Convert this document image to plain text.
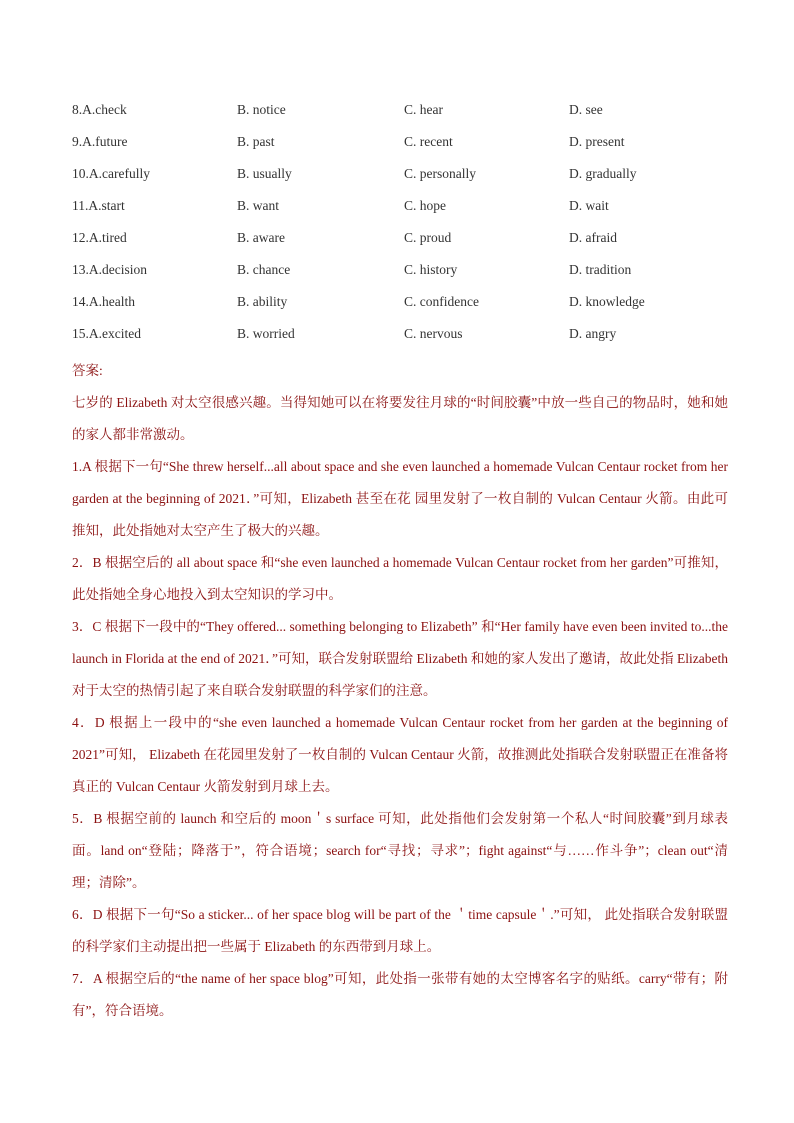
8.A.check	B. notice	C. hear	D. see
9.A.future	B. past	C. recent	D. present
10.A.carefully	B. usually	C. personally	D. gradually
11.A.start	B. want	C. hope	D. wait
12.A.tired	B. aware	C. proud	D. afraid
13.A.decision	B. chance	C. history	D. tradition
14.A.health	B. ability	C. confidence	D. knowledge
15.A.excited	B. worried	C. nervous	D. angry

答案:

七岁的 Elizabeth 对太空很感兴趣。当得知她可以在将要发往月球的“时间胶囊”中放一些自己的物品时，她和她的家人都非常激动。

1.A 根据下一句“She threw herself...all about space and she even launched a homemade Vulcan Centaur rocket from her garden at the beginning of 2021．”可知，Elizabeth 甚至在花 园里发射了一枚自制的 Vulcan Centaur 火箭。由此可推知，此处指她对太空产生了极大的兴趣。

2．B 根据空后的 all about space 和“she even launched a homemade Vulcan Centaur rocket from her garden”可推知，此处指她全身心地投入到太空知识的学习中。

3．C 根据下一段中的“They offered... something belonging to Elizabeth” 和“Her family have even been invited to...the launch in Florida at the end of 2021．”可知，联合发射联盟给 Elizabeth 和她的家人发出了邀请，故此处指 Elizabeth 对于太空的热情引起了来自联合发射联盟的科学家们的注意。

4．D 根据上一段中的“she even launched a homemade Vulcan Centaur rocket from her garden at the beginning of 2021”可知， Elizabeth 在花园里发射了一枚自制的 Vulcan Centaur 火箭，故推测此处指联合发射联盟正在准备将真正的 Vulcan Centaur 火箭发射到月球上去。

5．B 根据空前的 launch 和空后的 moon＇s surface 可知，此处指他们会发射第一个私人“时间胶囊”到月球表面。land on“登陆；降落于”，符合语境；search for“寻找；寻求”；fight against“与……作斗争”；clean out“清理；清除”。

6．D 根据下一句“So a sticker... of her space blog will be part of the ＇time capsule＇.”可知， 此处指联合发射联盟的科学家们主动提出把一些属于 Elizabeth 的东西带到月球上。

7．A 根据空后的“the name of her space blog”可知，此处指一张带有她的太空博客名字的贴纸。carry“带有；附有”，符合语境。
